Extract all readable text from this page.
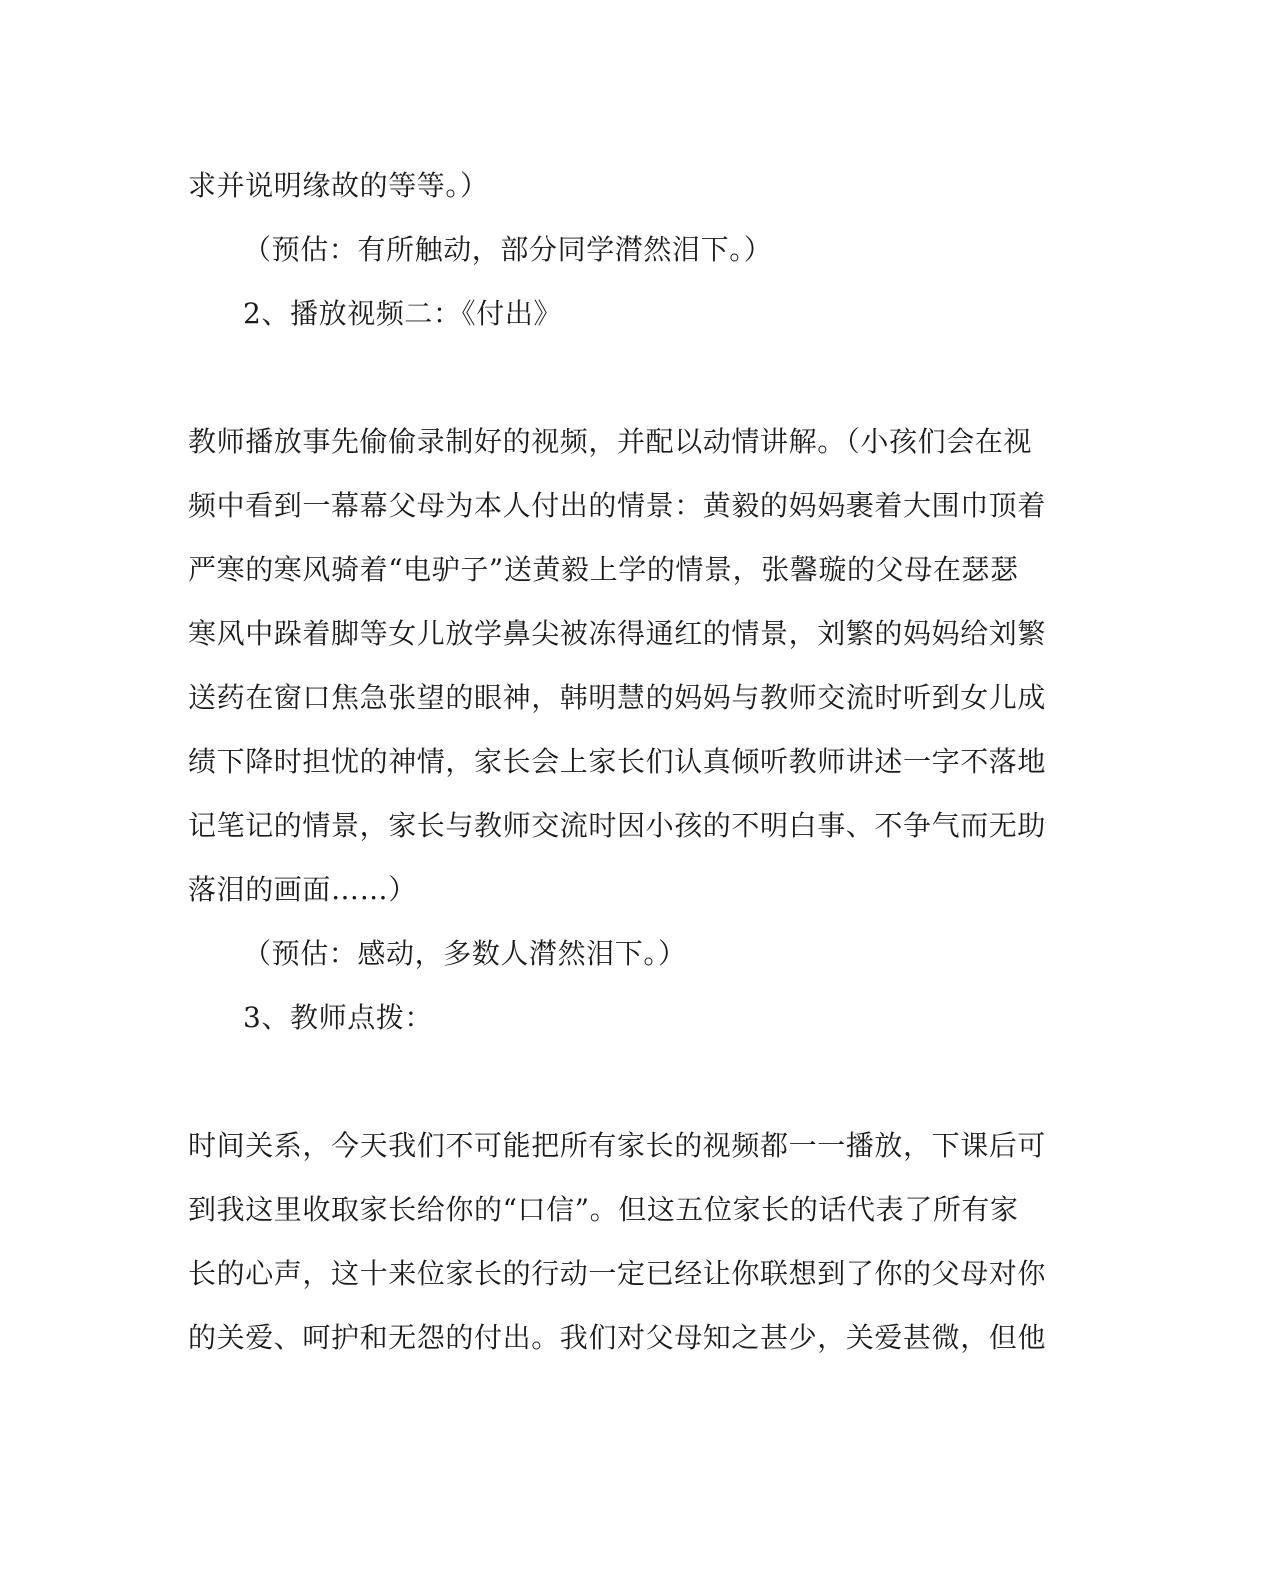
求并说明缘故的等等。）
（预估：有所触动，部分同学潸然泪下。）
2、播放视频二：《付出》
教师播放事先偷偷录制好的视频，并配以动情讲解。（小孩们会在视
频中看到一幕幕父母为本人付出的情景：黄毅的妈妈裹着大围巾顶着
严寒的寒风骑着“电驴子”送黄毅上学的情景，张馨璇的父母在瑟瑟
寒风中跺着脚等女儿放学鼻尖被冻得通红的情景，刘繁的妈妈给刘繁
送药在窗口焦急张望的眼神，韩明慧的妈妈与教师交流时听到女儿成
绩下降时担忧的神情，家长会上家长们认真倾听教师讲述一字不落地
记笔记的情景，家长与教师交流时因小孩的不明白事、不争气而无助
落泪的画面……）
（预估：感动，多数人潸然泪下。）
3、教师点拨：
时间关系，今天我们不可能把所有家长的视频都一一播放，下课后可
到我这里收取家长给你的“口信”。但这五位家长的话代表了所有家
长的心声，这十来位家长的行动一定已经让你联想到了你的父母对你
的关爱、呵护和无怨的付出。我们对父母知之甚少，关爱甚微，但他
